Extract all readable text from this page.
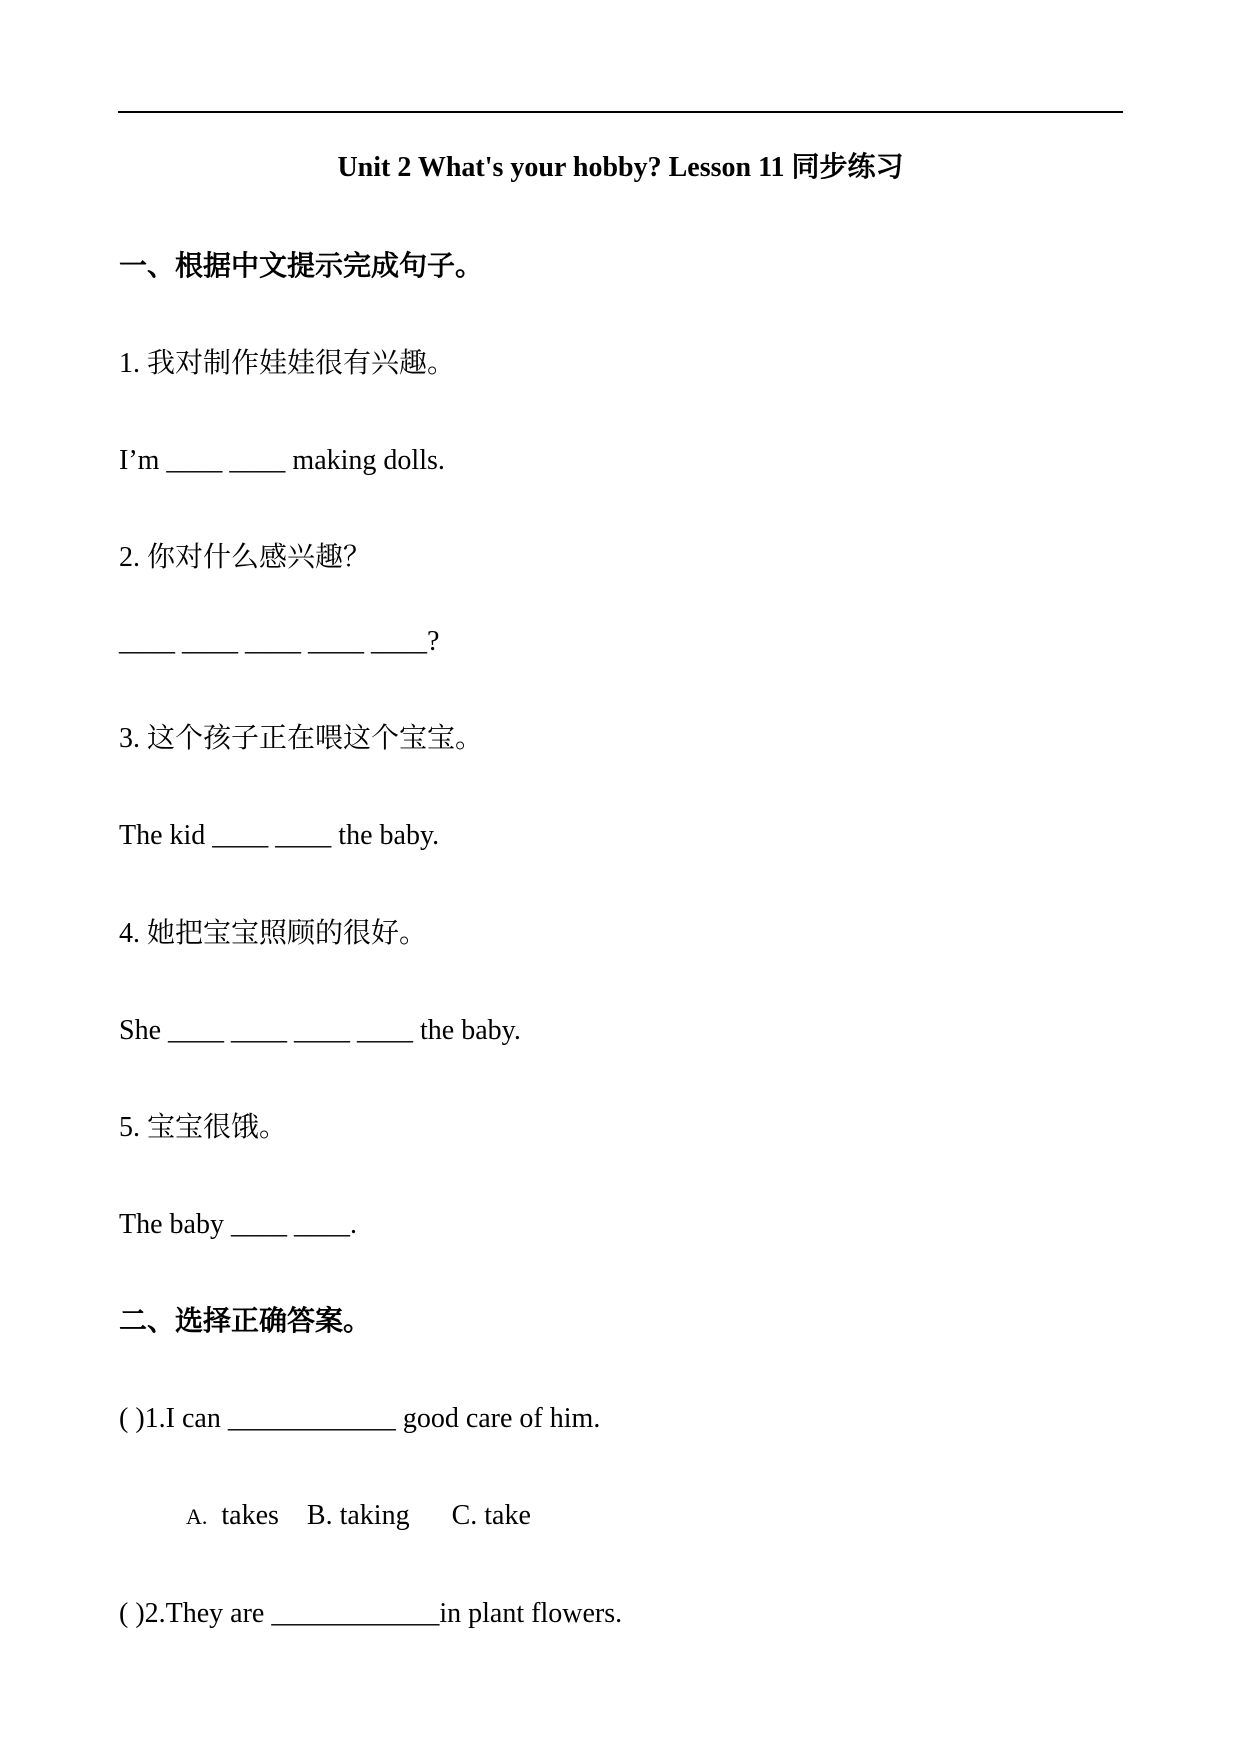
Unit 2 What's your hobby? Lesson 11 同步练习
一、根据中文提示完成句子。
1. 我对制作娃娃很有兴趣。
I’m ____ ____ making dolls.
2. 你对什么感兴趣？
____ ____ ____ ____ ____?
3. 这个孩子正在喂这个宝宝。
The kid ____ ____ the baby.
4. 她把宝宝照顾的很好。
She ____ ____ ____ ____ the baby.
5. 宝宝很饿。
The baby ____ ____.
二、选择正确答案。
( )1.I can ____________ good care of him.
A. takes B. taking C. take
( )2.They are ____________in plant flowers.
